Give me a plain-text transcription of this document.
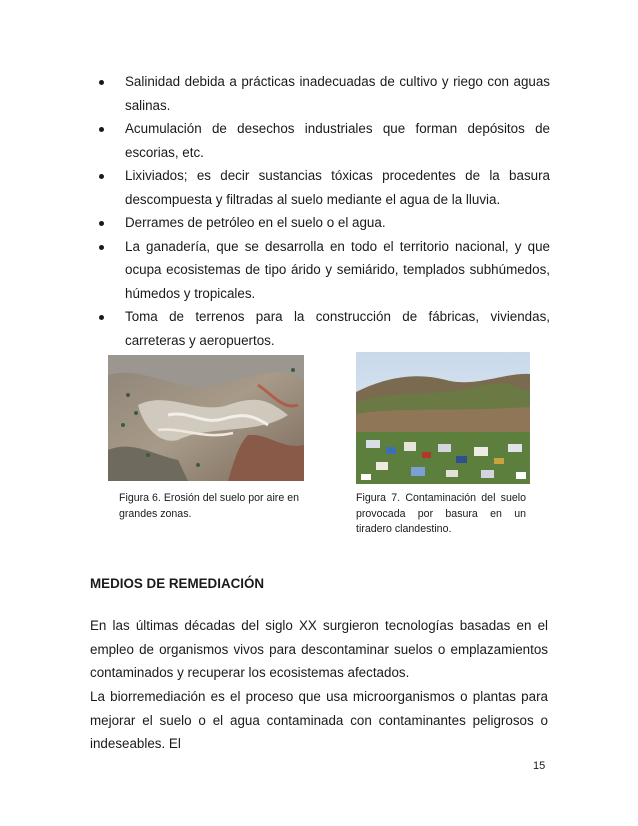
Salinidad debida a prácticas inadecuadas de cultivo y riego con aguas salinas.
Acumulación de desechos industriales que forman depósitos de escorias, etc.
Lixiviados; es decir sustancias tóxicas procedentes de la basura descompuesta y filtradas al suelo mediante el agua de la lluvia.
Derrames de petróleo en el suelo o el agua.
La ganadería, que se desarrolla en todo el territorio nacional, y que ocupa ecosistemas de tipo árido y semiárido, templados subhúmedos, húmedos y tropicales.
Toma de terrenos para la construcción de fábricas, viviendas, carreteras y aeropuertos.
Figura 6. Erosión del suelo por aire en grandes zonas.
Figura 7. Contaminación del suelo provocada por basura en un tiradero clandestino.
MEDIOS DE REMEDIACIÓN

En las últimas décadas del siglo XX surgieron tecnologías basadas en el empleo de organismos vivos para descontaminar suelos o emplazamientos contaminados y recuperar los ecosistemas afectados.

La biorremediación es el proceso que usa microorganismos o plantas para mejorar el suelo o el agua contaminada con contaminantes peligrosos o indeseables. El

15
